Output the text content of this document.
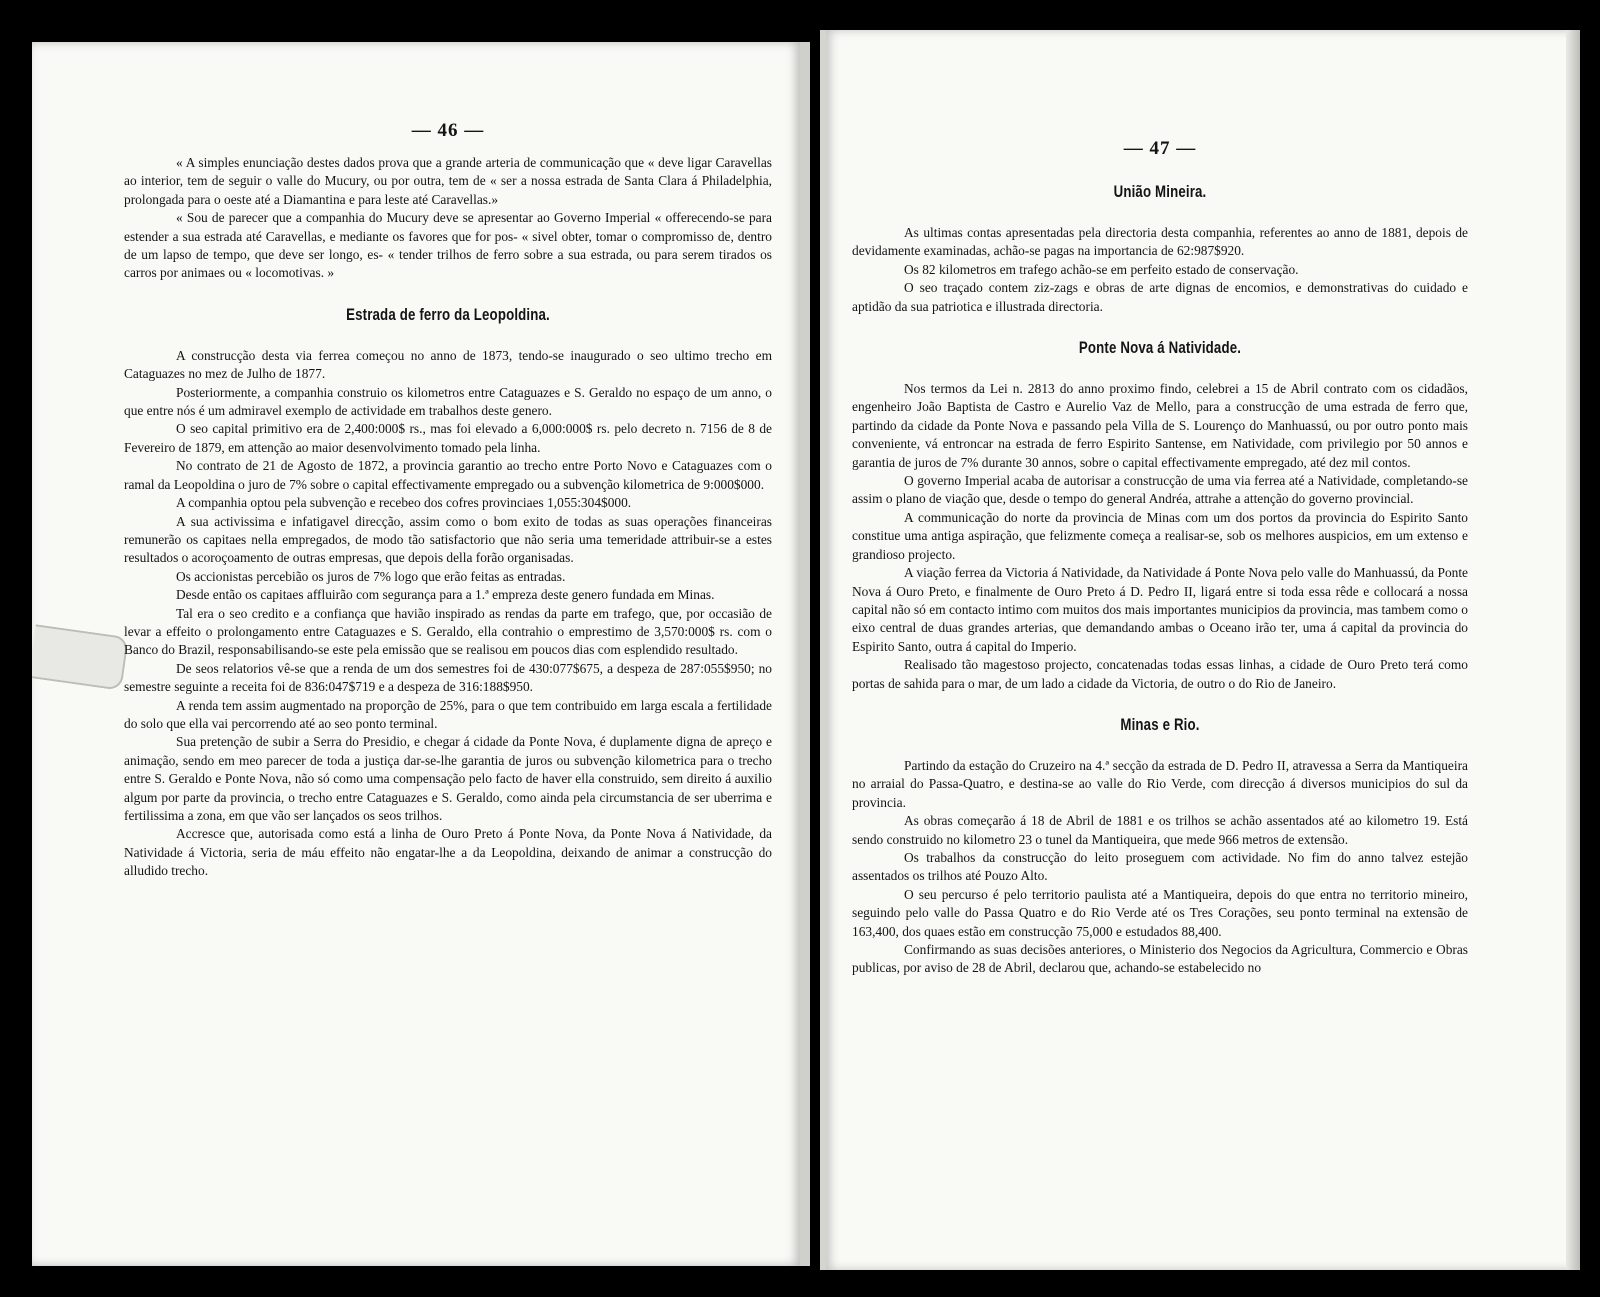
— 46 —

« A simples enunciação destes dados prova que a grande arteria de communicação que « deve ligar Caravellas ao interior, tem de seguir o valle do Mucury, ou por outra, tem de « ser a nossa estrada de Santa Clara á Philadelphia, prolongada para o oeste até a Diamantina e para leste até Caravellas.»

« Sou de parecer que a companhia do Mucury deve se apresentar ao Governo Imperial « offerecendo-se para estender a sua estrada até Caravellas, e mediante os favores que for pos- « sivel obter, tomar o compromisso de, dentro de um lapso de tempo, que deve ser longo, es- « tender trilhos de ferro sobre a sua estrada, ou para serem tirados os carros por animaes ou « locomotivas. »

Estrada de ferro da Leopoldina.

A construcção desta via ferrea começou no anno de 1873, tendo-se inaugurado o seo ultimo trecho em Cataguazes no mez de Julho de 1877.

Posteriormente, a companhia construio os kilometros entre Cataguazes e S. Geraldo no espaço de um anno, o que entre nós é um admiravel exemplo de actividade em trabalhos deste genero.

O seo capital primitivo era de 2,400:000$ rs., mas foi elevado a 6,000:000$ rs. pelo decreto n. 7156 de 8 de Fevereiro de 1879, em attenção ao maior desenvolvimento tomado pela linha.

No contrato de 21 de Agosto de 1872, a provincia garantio ao trecho entre Porto Novo e Cataguazes com o ramal da Leopoldina o juro de 7% sobre o capital effectivamente empregado ou a subvenção kilometrica de 9:000$000.

A companhia optou pela subvenção e recebeo dos cofres provinciaes 1,055:304$000.

A sua activissima e infatigavel direcção, assim como o bom exito de todas as suas operações financeiras remunerão os capitaes nella empregados, de modo tão satisfactorio que não seria uma temeridade attribuir-se a estes resultados o acoroçoamento de outras empresas, que depois della forão organisadas.

Os accionistas percebião os juros de 7% logo que erão feitas as entradas.

Desde então os capitaes affluirão com segurança para a 1.ª empreza deste genero fundada em Minas.

Tal era o seo credito e a confiança que havião inspirado as rendas da parte em trafego, que, por occasião de levar a effeito o prolongamento entre Cataguazes e S. Geraldo, ella contrahio o emprestimo de 3,570:000$ rs. com o Banco do Brazil, responsabilisando-se este pela emissão que se realisou em poucos dias com esplendido resultado.

De seos relatorios vê-se que a renda de um dos semestres foi de 430:077$675, a despeza de 287:055$950; no semestre seguinte a receita foi de 836:047$719 e a despeza de 316:188$950.

A renda tem assim augmentado na proporção de 25%, para o que tem contribuido em larga escala a fertilidade do solo que ella vai percorrendo até ao seo ponto terminal.

Sua pretenção de subir a Serra do Presidio, e chegar á cidade da Ponte Nova, é duplamente digna de apreço e animação, sendo em meo parecer de toda a justiça dar-se-lhe garantia de juros ou subvenção kilometrica para o trecho entre S. Geraldo e Ponte Nova, não só como uma compensação pelo facto de haver ella construido, sem direito á auxilio algum por parte da provincia, o trecho entre Cataguazes e S. Geraldo, como ainda pela circumstancia de ser uberrima e fertilissima a zona, em que vão ser lançados os seos trilhos.

Accresce que, autorisada como está a linha de Ouro Preto á Ponte Nova, da Ponte Nova á Natividade, da Natividade á Victoria, seria de máu effeito não engatar-lhe a da Leopoldina, deixando de animar a construcção do alludido trecho.

— 47 —
União Mineira.

As ultimas contas apresentadas pela directoria desta companhia, referentes ao anno de 1881, depois de devidamente examinadas, achão-se pagas na importancia de 62:987$920.

Os 82 kilometros em trafego achão-se em perfeito estado de conservação.

O seo traçado contem ziz-zags e obras de arte dignas de encomios, e demonstrativas do cuidado e aptidão da sua patriotica e illustrada directoria.

Ponte Nova á Natividade.

Nos termos da Lei n. 2813 do anno proximo findo, celebrei a 15 de Abril contrato com os cidadãos, engenheiro João Baptista de Castro e Aurelio Vaz de Mello, para a construcção de uma estrada de ferro que, partindo da cidade da Ponte Nova e passando pela Villa de S. Lourenço do Manhuassú, ou por outro ponto mais conveniente, vá entroncar na estrada de ferro Espirito Santense, em Natividade, com privilegio por 50 annos e garantia de juros de 7% durante 30 annos, sobre o capital effectivamente empregado, até dez mil contos.

O governo Imperial acaba de autorisar a construcção de uma via ferrea até a Natividade, completando-se assim o plano de viação que, desde o tempo do general Andréa, attrahe a attenção do governo provincial.

A communicação do norte da provincia de Minas com um dos portos da provincia do Espirito Santo constitue uma antiga aspiração, que felizmente começa a realisar-se, sob os melhores auspicios, em um extenso e grandioso projecto.

A viação ferrea da Victoria á Natividade, da Natividade á Ponte Nova pelo valle do Manhuassú, da Ponte Nova á Ouro Preto, e finalmente de Ouro Preto á D. Pedro II, ligará entre si toda essa rêde e collocará a nossa capital não só em contacto intimo com muitos dos mais importantes municipios da provincia, mas tambem como o eixo central de duas grandes arterias, que demandando ambas o Oceano irão ter, uma á capital da provincia do Espirito Santo, outra á capital do Imperio.

Realisado tão magestoso projecto, concatenadas todas essas linhas, a cidade de Ouro Preto terá como portas de sahida para o mar, de um lado a cidade da Victoria, de outro o do Rio de Janeiro.

Minas e Rio.

Partindo da estação do Cruzeiro na 4.ª secção da estrada de D. Pedro II, atravessa a Serra da Mantiqueira no arraial do Passa-Quatro, e destina-se ao valle do Rio Verde, com direcção á diversos municipios do sul da provincia.

As obras começarão á 18 de Abril de 1881 e os trilhos se achão assentados até ao kilometro 19. Está sendo construido no kilometro 23 o tunel da Mantiqueira, que mede 966 metros de extensão.

Os trabalhos da construcção do leito proseguem com actividade. No fim do anno talvez estejão assentados os trilhos até Pouzo Alto.

O seu percurso é pelo territorio paulista até a Mantiqueira, depois do que entra no territorio mineiro, seguindo pelo valle do Passa Quatro e do Rio Verde até os Tres Corações, seu ponto terminal na extensão de 163,400, dos quaes estão em construcção 75,000 e estudados 88,400.

Confirmando as suas decisões anteriores, o Ministerio dos Negocios da Agricultura, Commercio e Obras publicas, por aviso de 28 de Abril, declarou que, achando-se estabelecido no
